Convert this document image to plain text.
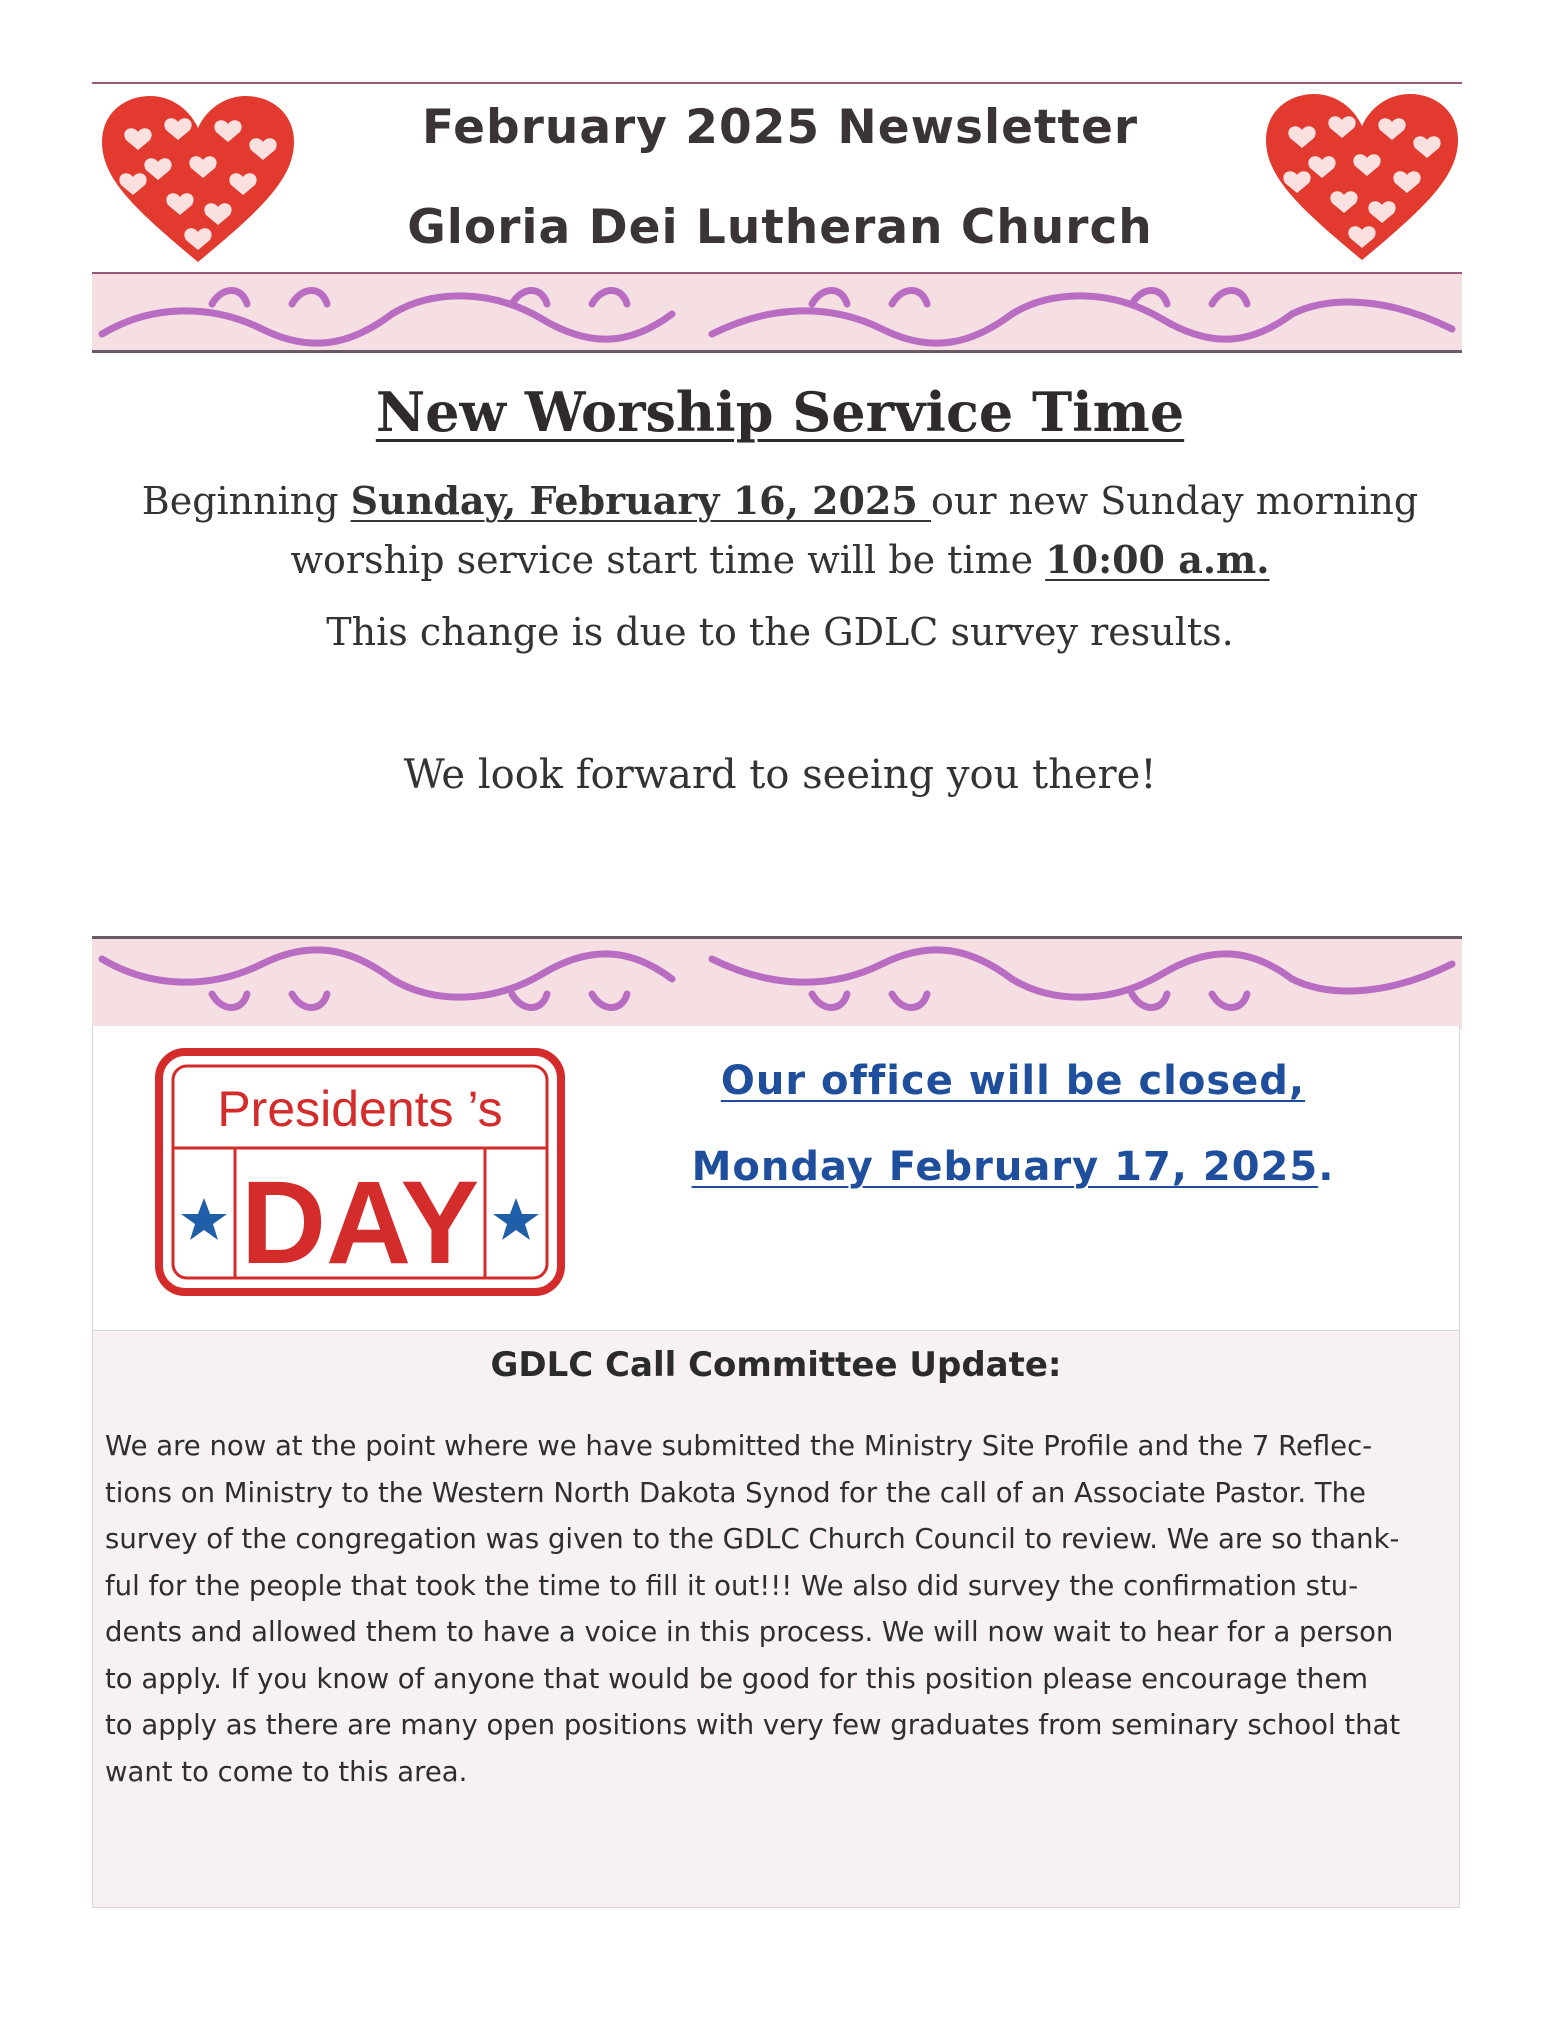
February 2025 Newsletter
Gloria Dei Lutheran Church
New Worship Service Time
Beginning Sunday, February 16, 2025 our new Sunday morning
worship service start time will be time 10:00 a.m.
This change is due to the GDLC survey results.
We look forward to seeing you there!
Presidents ’s
DAY
Our office will be closed,
Monday February 17, 2025.
GDLC Call Committee Update:
We are now at the point where we have submitted the Ministry Site Profile and the 7 Reflec-
tions on Ministry to the Western North Dakota Synod for the call of an Associate Pastor. The
survey of the congregation was given to the GDLC Church Council to review. We are so thank-
ful for the people that took the time to fill it out!!! We also did survey the confirmation stu-
dents and allowed them to have a voice in this process. We will now wait to hear for a person
to apply. If you know of anyone that would be good for this position please encourage them
to apply as there are many open positions with very few graduates from seminary school that
want to come to this area.
